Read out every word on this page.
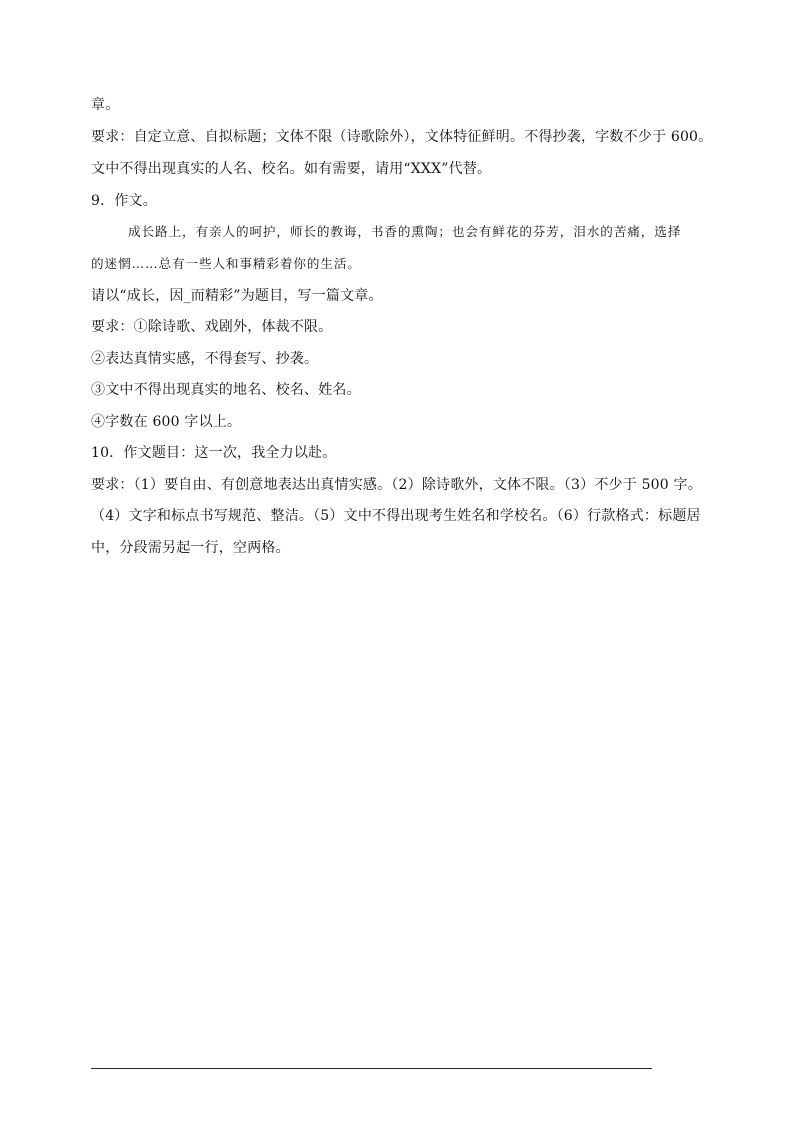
章。
要求：自定立意、自拟标题；文体不限（诗歌除外），文体特征鲜明。不得抄袭，字数不少于 600。
文中不得出现真实的人名、校名。如有需要，请用“XXX”代替。
9．作文。
成长路上，有亲人的呵护，师长的教诲，书香的熏陶；也会有鲜花的芬芳，泪水的苦痛，选择
的迷惘……总有一些人和事精彩着你的生活。
请以“成长，因_而精彩”为题目，写一篇文章。
要求：①除诗歌、戏剧外，体裁不限。
②表达真情实感，不得套写、抄袭。
③文中不得出现真实的地名、校名、姓名。
④字数在 600 字以上。
10．作文题目：这一次，我全力以赴。
要求：（1）要自由、有创意地表达出真情实感。（2）除诗歌外，文体不限。（3）不少于 500 字。
（4）文字和标点书写规范、整洁。（5）文中不得出现考生姓名和学校名。（6）行款格式：标题居
中，分段需另起一行，空两格。
